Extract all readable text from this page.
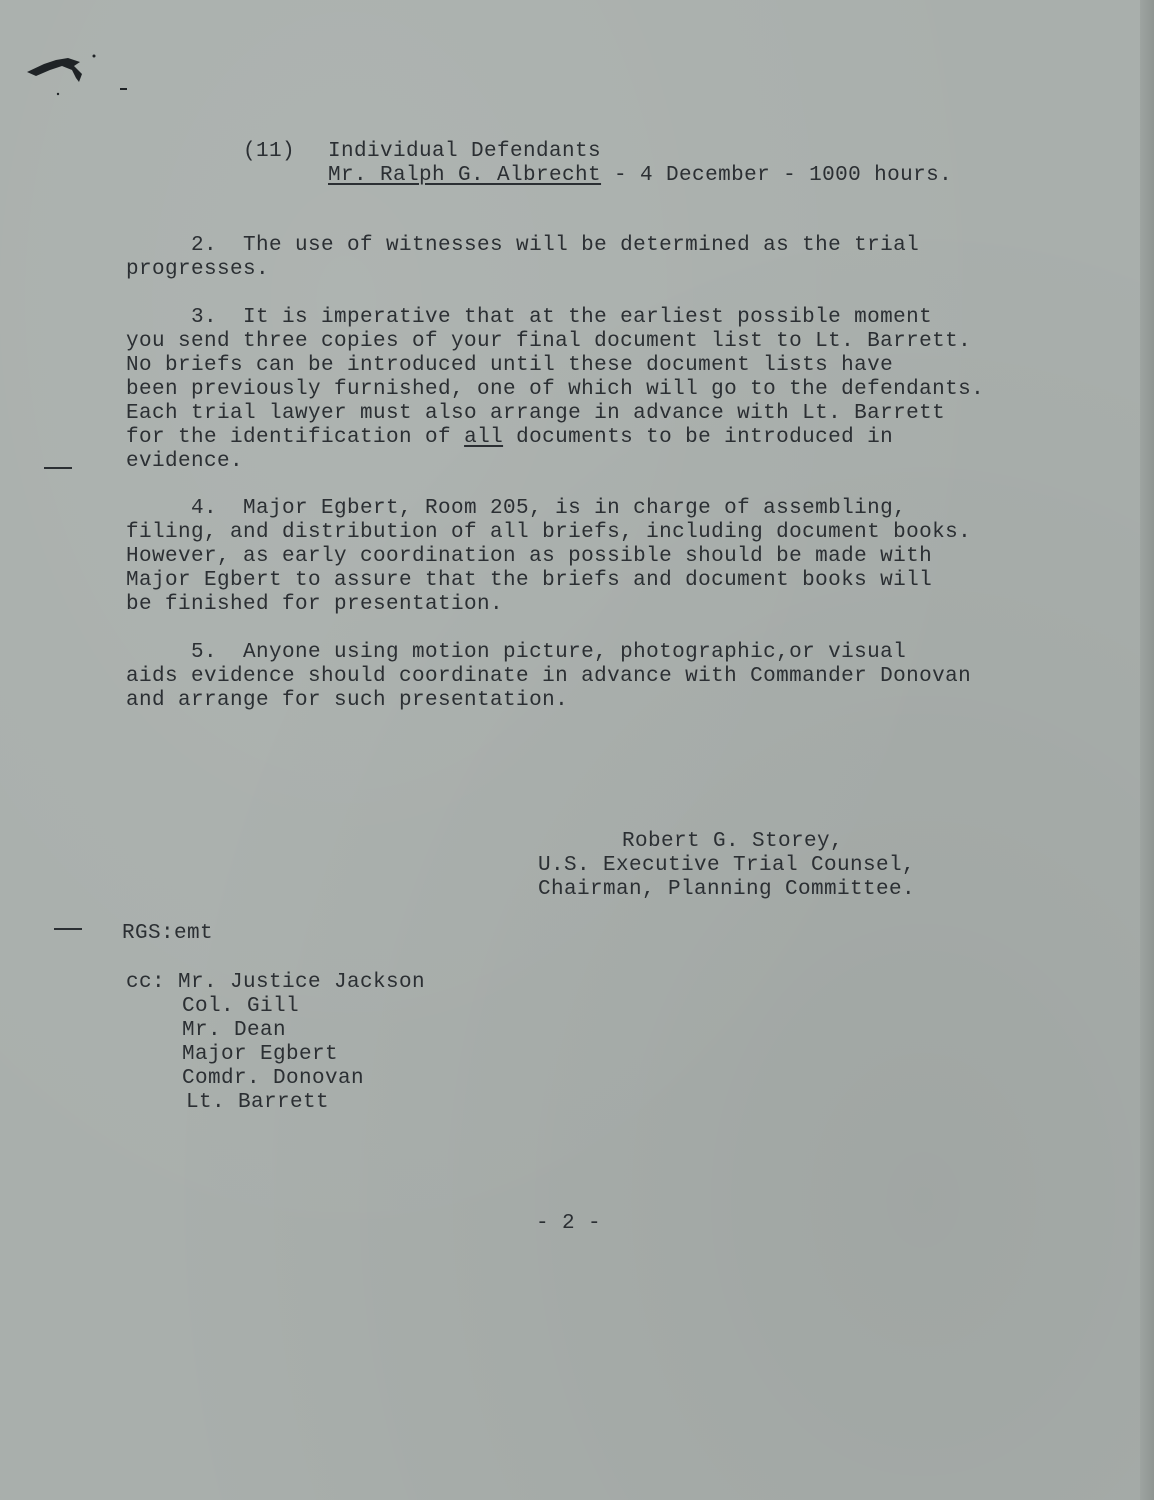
(11) Individual Defendants
Mr. Ralph G. Albrecht - 4 December - 1000 hours.
2.  The use of witnesses will be determined as the trial
progresses.
3.  It is imperative that at the earliest possible moment
you send three copies of your final document list to Lt. Barrett.
No briefs can be introduced until these document lists have
been previously furnished, one of which will go to the defendants.
Each trial lawyer must also arrange in advance with Lt. Barrett
for the identification of all documents to be introduced in
evidence.
4.  Major Egbert, Room 205, is in charge of assembling,
filing, and distribution of all briefs, including document books.
However, as early coordination as possible should be made with
Major Egbert to assure that the briefs and document books will
be finished for presentation.
5.  Anyone using motion picture, photographic,or visual
aids evidence should coordinate in advance with Commander Donovan
and arrange for such presentation.
Robert G. Storey,
U.S. Executive Trial Counsel,
Chairman, Planning Committee.
RGS:emt
cc: Mr. Justice Jackson
Col. Gill
Mr. Dean
Major Egbert
Comdr. Donovan
Lt. Barrett
- 2 -
